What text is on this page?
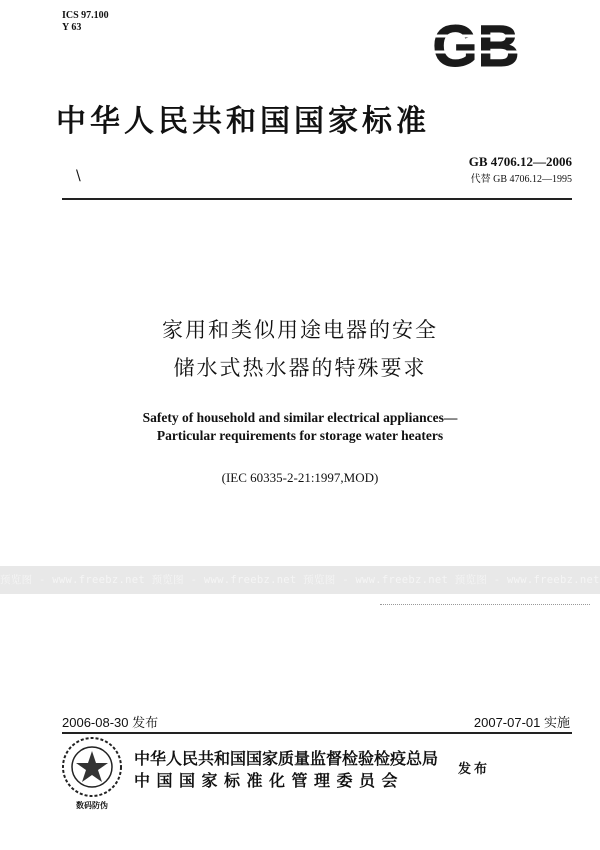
ICS 97.100
Y 63	GB
中华人民共和国国家标准
GB 4706.12—2006
代替 GB 4706.12—1995
\
家用和类似用途电器的安全
储水式热水器的特殊要求
Safety of household and similar electrical appliances—
Particular requirements for storage water heaters
(IEC 60335-2-21:1997,MOD)
预览图 - www.freebz.net 预览图 - www.freebz.net 预览图 - www.freebz.net 预览图 - www.freebz.net
2006-08-30 发布	2007-07-01 实施
数码防伪
中华人民共和国国家质量监督检验检疫总局
中国国家标准化管理委员会
发布
